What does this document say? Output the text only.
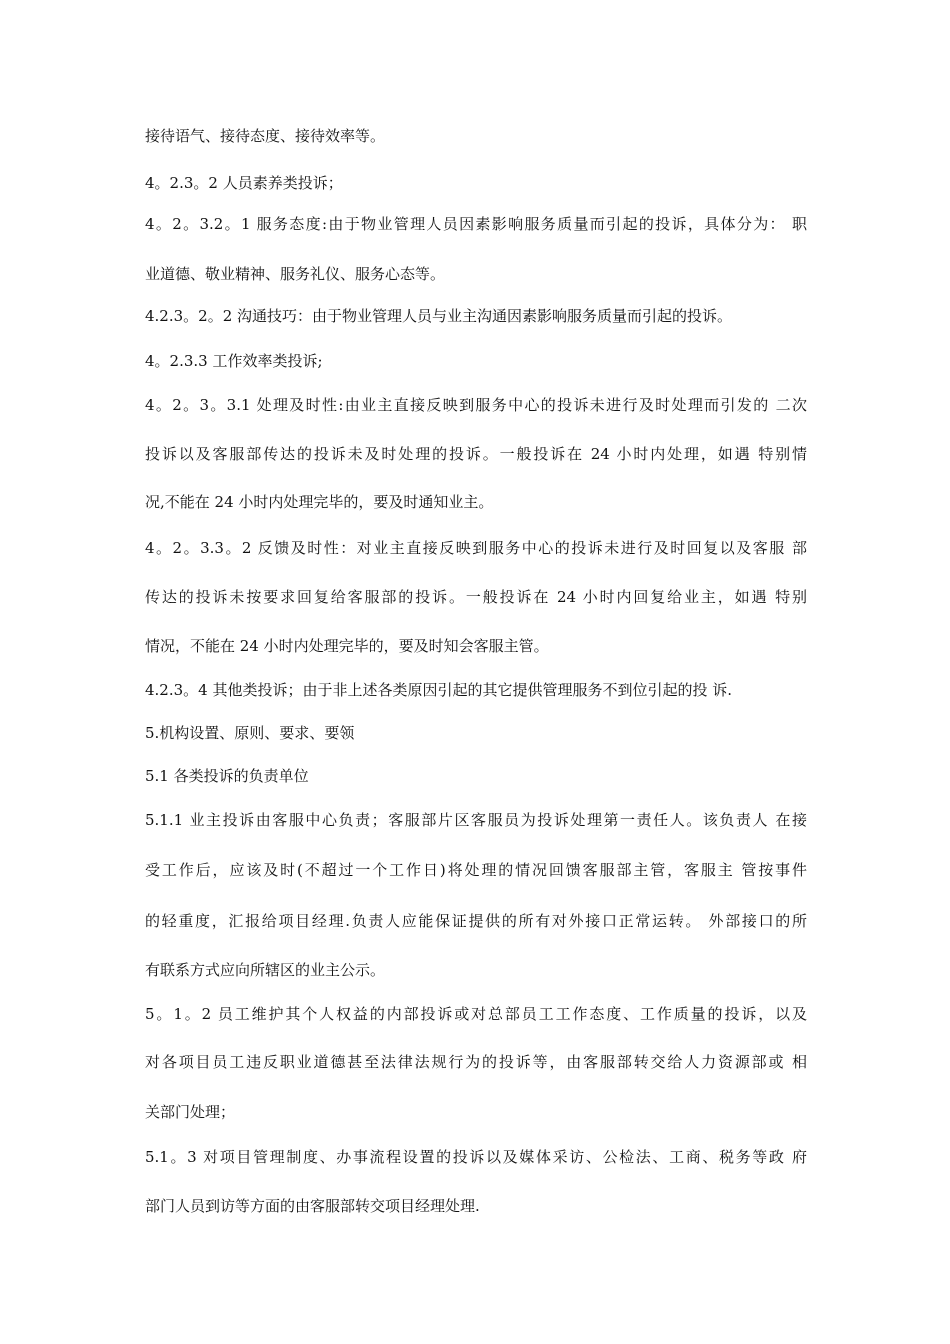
接待语气、接待态度、接待效率等。
4。2.3。2 人员素养类投诉；
4。2。3.2。1 服务态度:由于物业管理人员因素影响服务质量而引起的投诉，具体分为： 职
业道德、敬业精神、服务礼仪、服务心态等。
4.2.3。2。2 沟通技巧：由于物业管理人员与业主沟通因素影响服务质量而引起的投诉。
4。2.3.3 工作效率类投诉;
4。2。3。3.1 处理及时性:由业主直接反映到服务中心的投诉未进行及时处理而引发的 二次
投诉以及客服部传达的投诉未及时处理的投诉。一般投诉在 24 小时内处理，如遇 特别情
况,不能在 24 小时内处理完毕的，要及时通知业主。
4。2。3.3。2 反馈及时性：对业主直接反映到服务中心的投诉未进行及时回复以及客服 部
传达的投诉未按要求回复给客服部的投诉。一般投诉在 24 小时内回复给业主，如遇 特别
情况，不能在 24 小时内处理完毕的，要及时知会客服主管。
4.2.3。4 其他类投诉；由于非上述各类原因引起的其它提供管理服务不到位引起的投 诉.
5.机构设置、原则、要求、要领
5.1 各类投诉的负责单位
5.1.1 业主投诉由客服中心负责；客服部片区客服员为投诉处理第一责任人。该负责人 在接
受工作后，应该及时(不超过一个工作日)将处理的情况回馈客服部主管，客服主 管按事件
的轻重度，汇报给项目经理.负责人应能保证提供的所有对外接口正常运转。 外部接口的所
有联系方式应向所辖区的业主公示。
5。1。2 员工维护其个人权益的内部投诉或对总部员工工作态度、工作质量的投诉，以及
对各项目员工违反职业道德甚至法律法规行为的投诉等，由客服部转交给人力资源部或 相
关部门处理；
5.1。3 对项目管理制度、办事流程设置的投诉以及媒体采访、公检法、工商、税务等政 府
部门人员到访等方面的由客服部转交项目经理处理.
